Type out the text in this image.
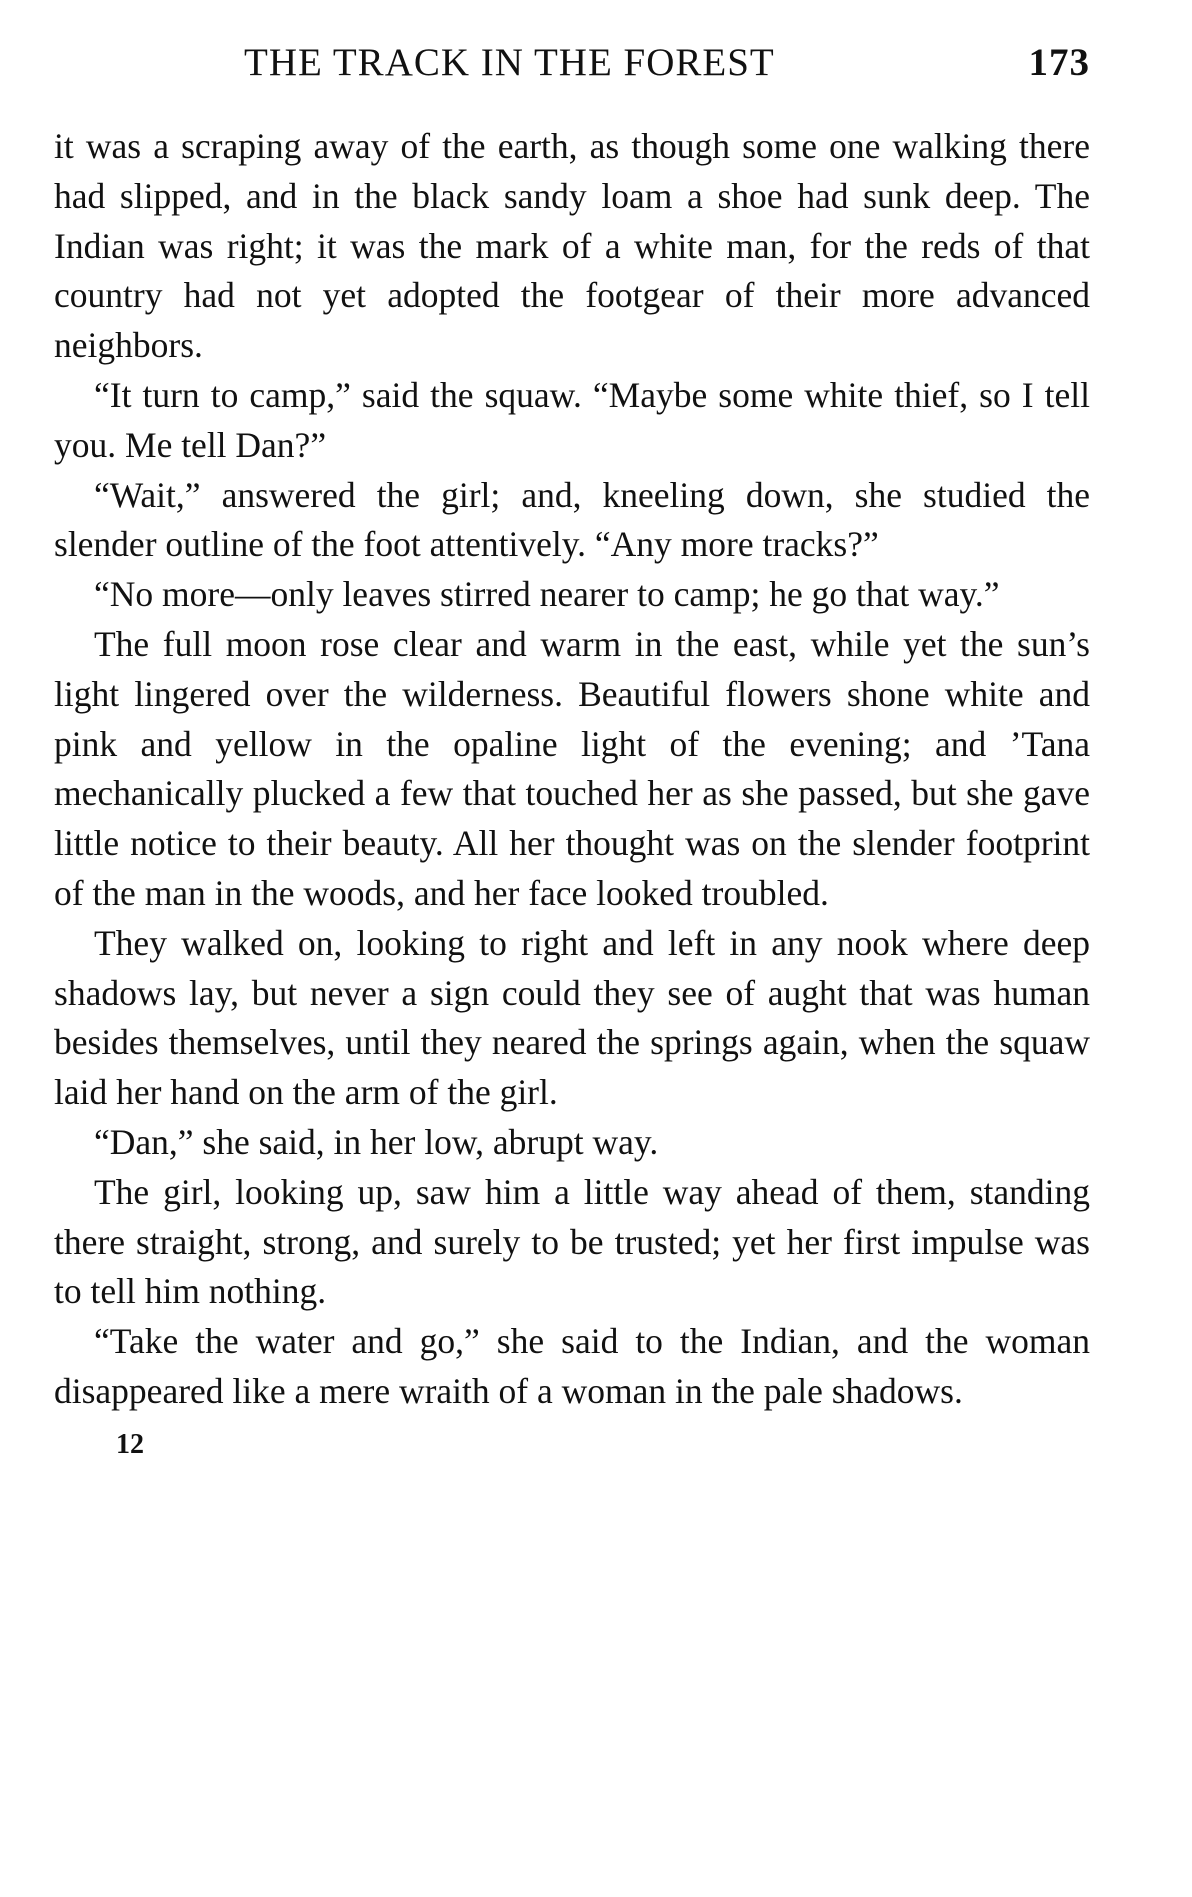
THE TRACK IN THE FOREST	173

it was a scraping away of the earth, as though some one walking there had slipped, and in the black sandy loam a shoe had sunk deep. The Indian was right; it was the mark of a white man, for the reds of that country had not yet adopted the footgear of their more advanced neighbors.

“It turn to camp,” said the squaw. “Maybe some white thief, so I tell you. Me tell Dan?”

“Wait,” answered the girl; and, kneeling down, she studied the slender outline of the foot attentively. “Any more tracks?”

“No more—only leaves stirred nearer to camp; he go that way.”

The full moon rose clear and warm in the east, while yet the sun’s light lingered over the wilderness. Beautiful flowers shone white and pink and yellow in the opaline light of the evening; and ’Tana mechanically plucked a few that touched her as she passed, but she gave little notice to their beauty. All her thought was on the slender footprint of the man in the woods, and her face looked troubled.

They walked on, looking to right and left in any nook where deep shadows lay, but never a sign could they see of aught that was human besides themselves, until they neared the springs again, when the squaw laid her hand on the arm of the girl.

“Dan,” she said, in her low, abrupt way.

The girl, looking up, saw him a little way ahead of them, standing there straight, strong, and surely to be trusted; yet her first impulse was to tell him nothing.

“Take the water and go,” she said to the Indian, and the woman disappeared like a mere wraith of a woman in the pale shadows.

12
